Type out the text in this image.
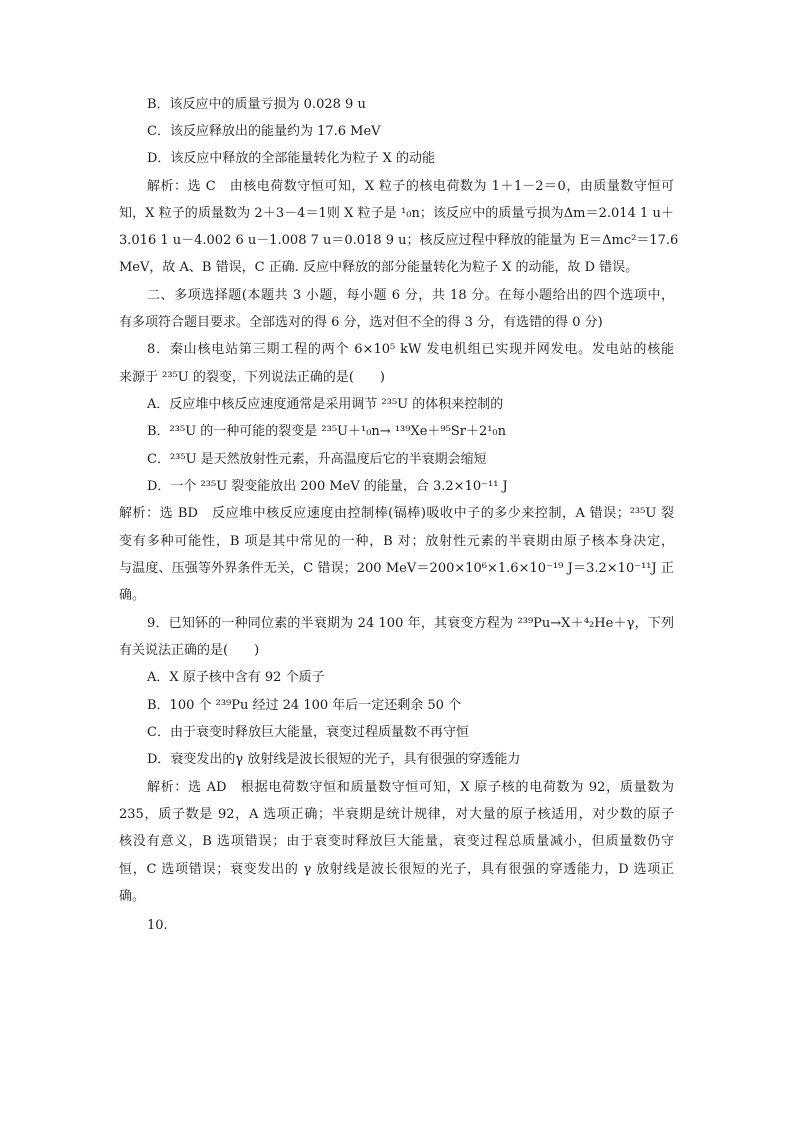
B．该反应中的质量亏损为 0.028 9 u
C．该反应释放出的能量约为 17.6 MeV
D．该反应中释放的全部能量转化为粒子 X 的动能
解析：选 C　由核电荷数守恒可知，X 粒子的核电荷数为 1＋1－2＝0，由质量数守恒可
知，X 粒子的质量数为 2＋3－4＝1则 X 粒子是 ¹₀n；该反应中的质量亏损为Δm＝2.014 1 u＋
3.016 1 u－4.002 6 u－1.008 7 u＝0.018 9 u；核反应过程中释放的能量为 E＝Δmc²＝17.6
MeV，故 A、B 错误，C 正确. 反应中释放的部分能量转化为粒子 X 的动能，故 D 错误。
二、多项选择题(本题共 3 小题，每小题 6 分，共 18 分。在每小题给出的四个选项中，
有多项符合题目要求。全部选对的得 6 分，选对但不全的得 3 分，有选错的得 0 分)
8．秦山核电站第三期工程的两个 6×10⁵ kW 发电机组已实现并网发电。发电站的核能
来源于 ²³⁵U 的裂变，下列说法正确的是(　　)
A．反应堆中核反应速度通常是采用调节 ²³⁵U 的体积来控制的
B．²³⁵U 的一种可能的裂变是 ²³⁵U＋¹₀n→ ¹³⁹Xe＋⁹⁵Sr＋2¹₀n
C．²³⁵U 是天然放射性元素，升高温度后它的半衰期会缩短
D．一个 ²³⁵U 裂变能放出 200 MeV 的能量，合 3.2×10⁻¹¹ J
解析：选 BD　反应堆中核反应速度由控制棒(镉棒)吸收中子的多少来控制，A 错误；²³⁵U 裂
变有多种可能性，B 项是其中常见的一种，B 对；放射性元素的半衰期由原子核本身决定，
与温度、压强等外界条件无关，C 错误；200 MeV＝200×10⁶×1.6×10⁻¹⁹ J＝3.2×10⁻¹¹J 正
确。
9．已知钚的一种同位素的半衰期为 24 100 年，其衰变方程为 ²³⁹Pu→X＋⁴₂He＋γ，下列
有关说法正确的是(　　)
A．X 原子核中含有 92 个质子
B．100 个 ²³⁹Pu 经过 24 100 年后一定还剩余 50 个
C．由于衰变时释放巨大能量，衰变过程质量数不再守恒
D．衰变发出的γ 放射线是波长很短的光子，具有很强的穿透能力
解析：选 AD　根据电荷数守恒和质量数守恒可知，X 原子核的电荷数为 92，质量数为
235，质子数是 92，A 选项正确；半衰期是统计规律，对大量的原子核适用，对少数的原子
核没有意义，B 选项错误；由于衰变时释放巨大能量，衰变过程总质量减小，但质量数仍守
恒，C 选项错误；衰变发出的 γ 放射线是波长很短的光子，具有很强的穿透能力，D 选项正
确。
10.
